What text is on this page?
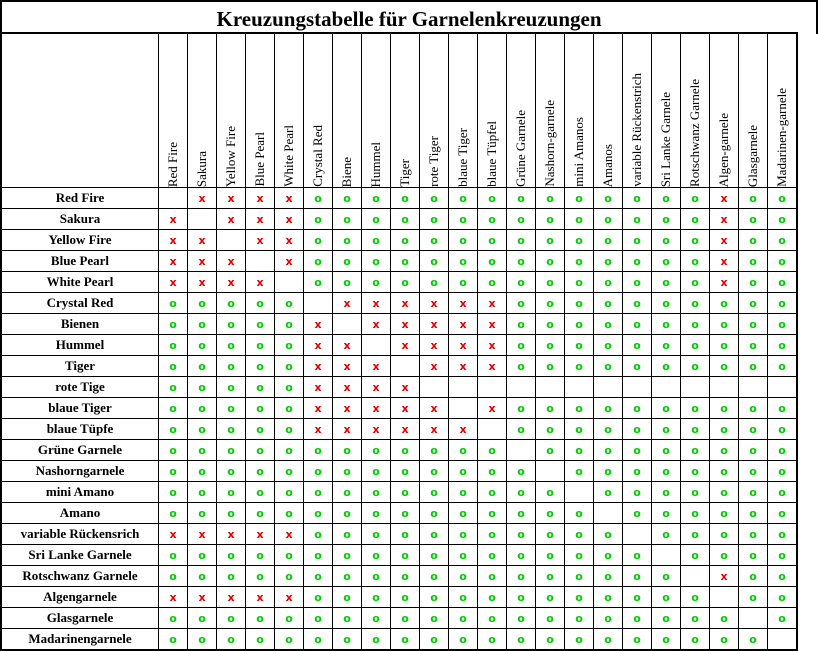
Kreuzungstabelle für Garnelenkreuzungen

	Red Fire	Sakura	Yellow Fire	Blue Pearl	White Pearl	Crystal Red	Biene	Hummel	Tiger	rote Tiger	blaue Tiger	blaue Tüpfel	Grüne Garnele	Nashorn-garnele	mini Amanos	Amanos	variable Rückenstrich	Sri Lanke Garnele	Rotschwanz Garnele	Algen-garnele	Glasgarnele	Madarinen-garnele

Red Fire		x	x	x	x	o	o	o	o	o	o	o	o	o	o	o	o	o	o	x	o	o
Sakura	x		x	x	x	o	o	o	o	o	o	o	o	o	o	o	o	o	o	x	o	o
Yellow Fire	x	x		x	x	o	o	o	o	o	o	o	o	o	o	o	o	o	o	x	o	o
Blue Pearl	x	x	x		x	o	o	o	o	o	o	o	o	o	o	o	o	o	o	x	o	o
White Pearl	x	x	x	x		o	o	o	o	o	o	o	o	o	o	o	o	o	o	x	o	o
Crystal Red	o	o	o	o	o		x	x	x	x	x	x	o	o	o	o	o	o	o	o	o	o
Bienen	o	o	o	o	o	x		x	x	x	x	x	o	o	o	o	o	o	o	o	o	o
Hummel	o	o	o	o	o	x	x		x	x	x	x	o	o	o	o	o	o	o	o	o	o
Tiger	o	o	o	o	o	x	x	x		x	x	x	o	o	o	o	o	o	o	o	o	o
rote Tige	o	o	o	o	o	x	x	x	x													
blaue Tiger	o	o	o	o	o	x	x	x	x	x		x	o	o	o	o	o	o	o	o	o	o
blaue Tüpfe	o	o	o	o	o	x	x	x	x	x	x		o	o	o	o	o	o	o	o	o	o
Grüne Garnele	o	o	o	o	o	o	o	o	o	o	o	o		o	o	o	o	o	o	o	o	o
Nashorngarnele	o	o	o	o	o	o	o	o	o	o	o	o	o		o	o	o	o	o	o	o	o
mini Amano	o	o	o	o	o	o	o	o	o	o	o	o	o	o		o	o	o	o	o	o	o
Amano	o	o	o	o	o	o	o	o	o	o	o	o	o	o	o		o	o	o	o	o	o
variable Rückensrich	x	x	x	x	x	o	o	o	o	o	o	o	o	o	o	o		o	o	o	o	o
Sri Lanke Garnele	o	o	o	o	o	o	o	o	o	o	o	o	o	o	o	o	o		o	o	o	o
Rotschwanz Garnele	o	o	o	o	o	o	o	o	o	o	o	o	o	o	o	o	o	o		x	o	o
Algengarnele	x	x	x	x	x	o	o	o	o	o	o	o	o	o	o	o	o	o	o		o	o
Glasgarnele	o	o	o	o	o	o	o	o	o	o	o	o	o	o	o	o	o	o	o	o		o
Madarinengarnele	o	o	o	o	o	o	o	o	o	o	o	o	o	o	o	o	o	o	o	o	o	
